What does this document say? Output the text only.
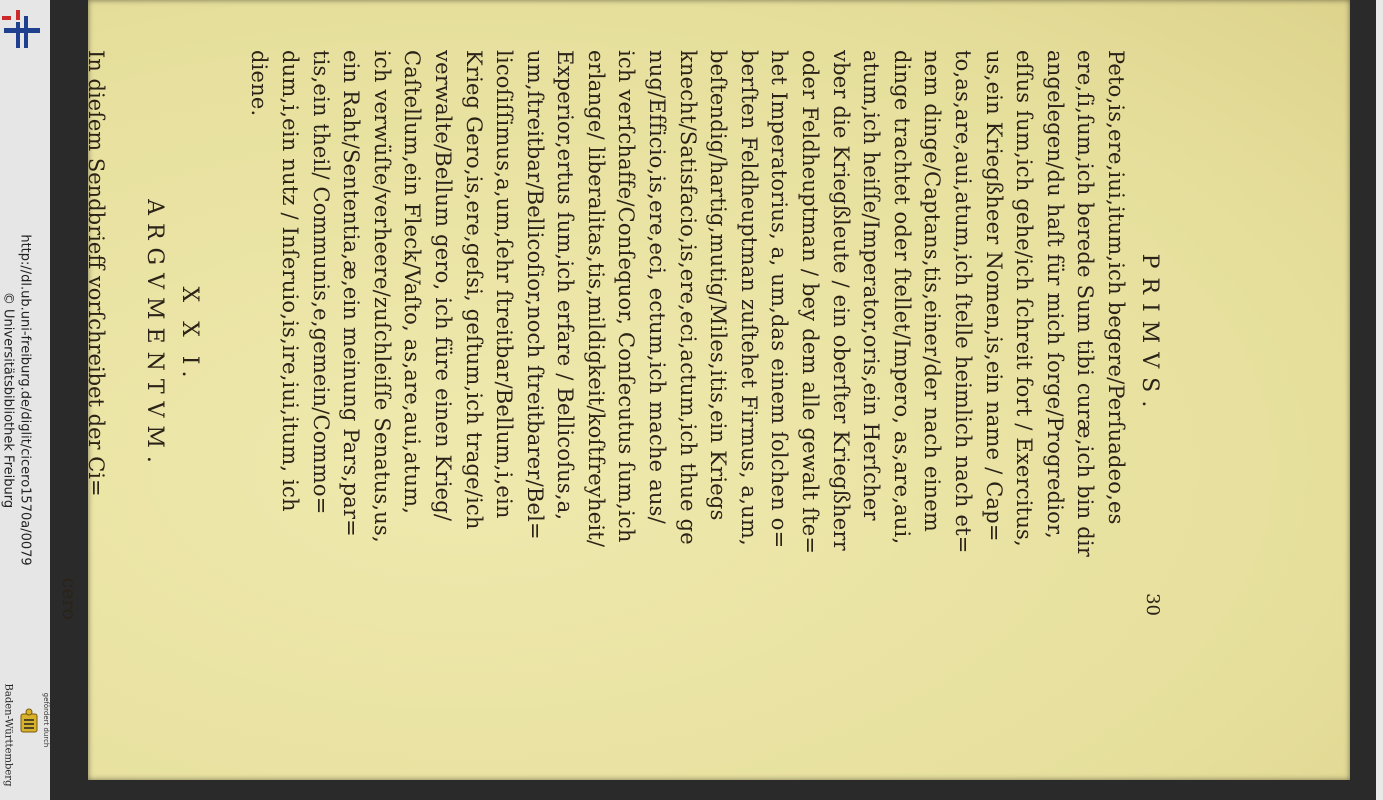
http://dl.ub.uni-freiburg.de/diglit/cicero1570a/0079
© Universitätsbibliothek Freiburg
gefördert durch
Baden-Württemberg
30
PRIMVS.
Peto,is,ere,iui,itum,ich begere/Perſuadeo,es
ere,ſi,ſum,ich berede Sum tibi curæ,ich bin dir
angelegen/du haſt für mich ſorge/Progredior,
eſſus ſum,ich gehe/ich ſchreit fort / Exercitus,
us,ein Kriegßheer Nomen,is,ein name / Cap=
to,as,are,aui,atum,ich ſtelle heimlich nach et=
nem dinge/Captans,tis,einer/der nach einem
dinge trachtet oder ſtellet/Impero, as,are,aui,
atum,ich heiſſe/Imperator,oris,ein Herſcher
vber die Kriegßleute / ein oberſter Kriegßherr
oder Feldheuptman / bey dem alle gewalt ſte=
het Imperatorius, a, um,das einem ſolchen o=
berſten Feldheuptman zuſtehet Firmus, a,um,
beſtendig/hartig,mutig/Miles,itis,ein Kriegs
knecht/Satisfacio,is,ere,eci,actum,ich thue ge
nug/Efficio,is,ere,eci, ectum,ich mache aus/
ich verſchaffe/Conſequor, Conſecutus ſum,ich
erlange/ liberalitas,tis,mildigkeit/koſtfreyheit/
Experior,ertus ſum,ich erfare / Bellicoſus,a,
um,ſtreitbar/Bellicoſior,noch ſtreitbarer/Bel=
licoſiſſimus,a,um,ſehr ſtreitbar/Bellum,i,ein
Krieg Gero,is,ere,geſsi, geſtum,ich trage/ich
verwalte/Bellum gero, ich füre einen Krieg/
Caſtellum,ein Fleck/Vaſto, as,are,aui,atum,
ich verwüſte/verheere/zuſchleiſſe Senatus,us,
ein Raht/Sententia,æ,ein meinung Pars,par=
tis,ein theil/ Communis,e,gemein/Commo=
dum,i,ein nutz / Inſeruio,is,ire,iui,itum, ich
diene.
X X I.
ARGVMENTVM.
In dieſem Sendbrieff vorſchreibet der Ci=
cero
